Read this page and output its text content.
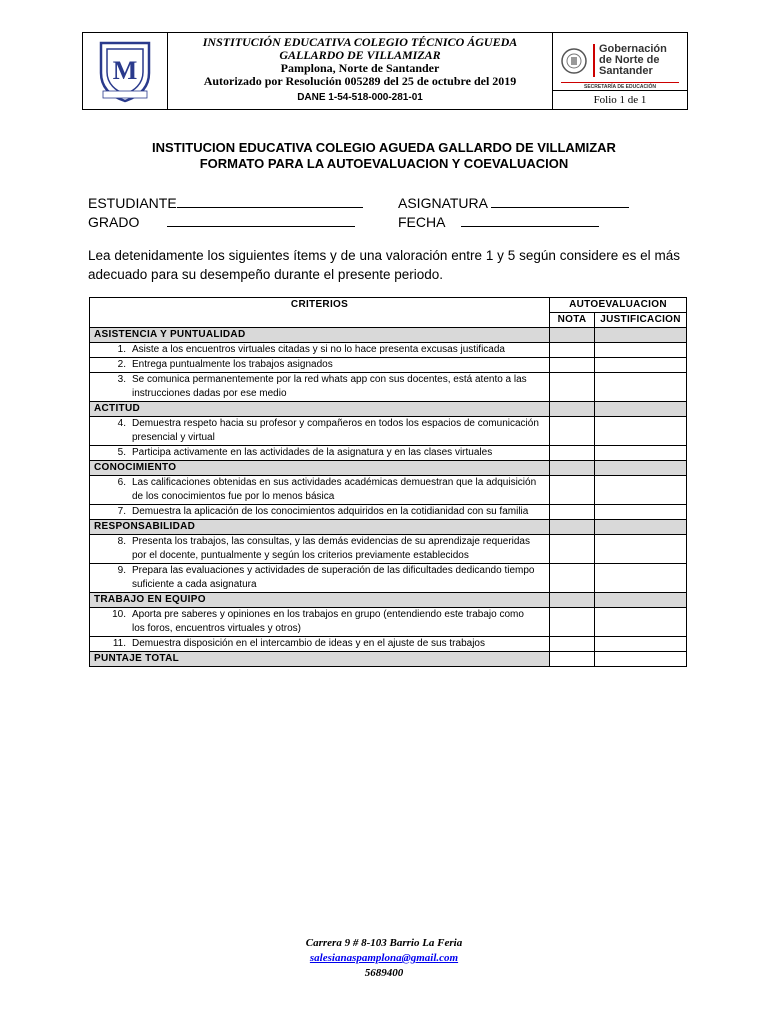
M
INSTITUCIÓN EDUCATIVA COLEGIO TÉCNICO ÁGUEDA
GALLARDO DE VILLAMIZAR
Pamplona, Norte de Santander
Autorizado por Resolución 005289 del 25 de octubre del 2019
DANE 1-54-518-000-281-01
Gobernación
de Norte de
Santander
SECRETARÍA DE EDUCACIÓN
Folio 1 de 1
INSTITUCION EDUCATIVA COLEGIO AGUEDA GALLARDO DE VILLAMIZAR
FORMATO PARA LA AUTOEVALUACION Y COEVALUACION
ESTUDIANTE	ASIGNATURA
GRADO	FECHA
Lea detenidamente los siguientes ítems y de una valoración entre 1 y 5 según considere es el más adecuado para su desempeño durante el presente periodo.
CRITERIOS	AUTOEVALUACION	
	NOTA	JUSTIFICACION
ASISTENCIA Y PUNTUALIDAD		

1. Asiste a los encuentros virtuales citadas y si no lo hace presenta excusas justificada		

2. Entrega puntualmente los trabajos asignados		

3. Se comunica permanentemente por la red whats app con sus docentes, está atento a las instrucciones dadas por ese medio		

ACTITUD		

4. Demuestra respeto hacia su profesor y compañeros en todos los espacios de comunicación presencial y virtual		

5. Participa activamente en las actividades de la asignatura y en las clases virtuales		

CONOCIMIENTO		

6. Las calificaciones obtenidas en sus actividades académicas demuestran que la adquisición de los conocimientos fue por lo menos básica		

7. Demuestra la aplicación de los conocimientos adquiridos en la cotidianidad con su familia		

RESPONSABILIDAD		

8. Presenta los trabajos, las consultas, y las demás evidencias de su aprendizaje requeridas por el docente, puntualmente y según los criterios previamente establecidos		

9. Prepara las evaluaciones y actividades de superación de las dificultades dedicando tiempo suficiente a cada asignatura		

TRABAJO EN EQUIPO		

10. Aporta pre saberes y opiniones en los trabajos en grupo (entendiendo este trabajo como los foros, encuentros virtuales y otros)		

11. Demuestra disposición en el intercambio de ideas y en el ajuste de sus trabajos		

PUNTAJE TOTAL		
Carrera 9 # 8-103 Barrio La Feria
salesianaspamplona@gmail.com
5689400
